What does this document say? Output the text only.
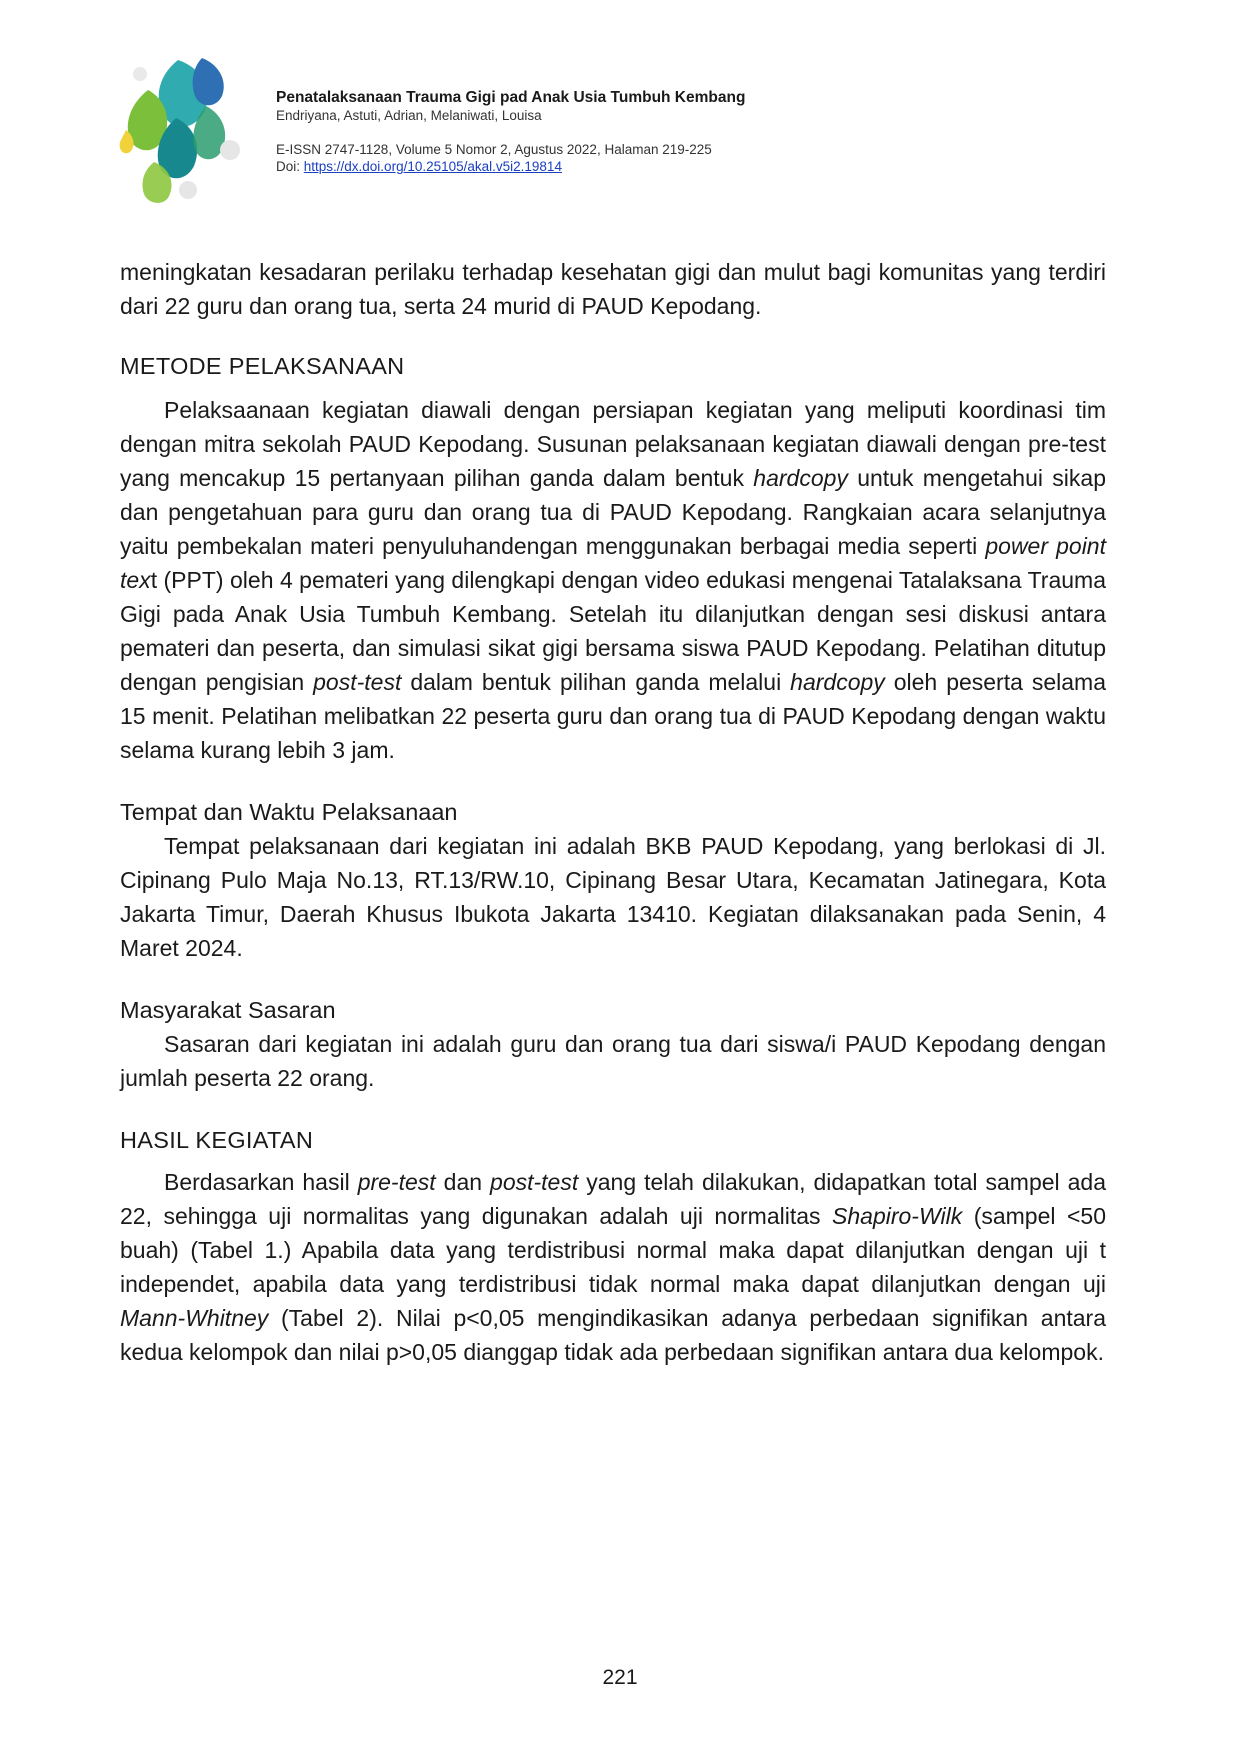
Penatalaksanaan Trauma Gigi pad Anak Usia Tumbuh Kembang
Endriyana, Astuti, Adrian, Melaniwati, Louisa
E-ISSN 2747-1128, Volume 5 Nomor 2, Agustus 2022, Halaman 219-225
Doi: https://dx.doi.org/10.25105/akal.v5i2.19814

meningkatan kesadaran perilaku terhadap kesehatan gigi dan mulut bagi komunitas yang terdiri dari 22 guru dan orang tua, serta 24 murid di PAUD Kepodang.

METODE PELAKSANAAN

Pelaksaanaan kegiatan diawali dengan persiapan kegiatan yang meliputi koordinasi tim dengan mitra sekolah PAUD Kepodang. Susunan pelaksanaan kegiatan diawali dengan pre-test yang mencakup 15 pertanyaan pilihan ganda dalam bentuk hardcopy untuk mengetahui sikap dan pengetahuan para guru dan orang tua di PAUD Kepodang. Rangkaian acara selanjutnya yaitu pembekalan materi penyuluhandengan menggunakan berbagai media seperti power point text (PPT) oleh 4 pemateri yang dilengkapi dengan video edukasi mengenai Tatalaksana Trauma Gigi pada Anak Usia Tumbuh Kembang. Setelah itu dilanjutkan dengan sesi diskusi antara pemateri dan peserta, dan simulasi sikat gigi bersama siswa PAUD Kepodang. Pelatihan ditutup dengan pengisian post-test dalam bentuk pilihan ganda melalui hardcopy oleh peserta selama 15 menit. Pelatihan melibatkan 22 peserta guru dan orang tua di PAUD Kepodang dengan waktu selama kurang lebih 3 jam.

Tempat dan Waktu Pelaksanaan

Tempat pelaksanaan dari kegiatan ini adalah BKB PAUD Kepodang, yang berlokasi di Jl. Cipinang Pulo Maja No.13, RT.13/RW.10, Cipinang Besar Utara, Kecamatan Jatinegara, Kota Jakarta Timur, Daerah Khusus Ibukota Jakarta 13410. Kegiatan dilaksanakan pada Senin, 4 Maret 2024.

Masyarakat Sasaran

Sasaran dari kegiatan ini adalah guru dan orang tua dari siswa/i PAUD Kepodang dengan jumlah peserta 22 orang.

HASIL KEGIATAN

Berdasarkan hasil pre-test dan post-test yang telah dilakukan, didapatkan total sampel ada 22, sehingga uji normalitas yang digunakan adalah uji normalitas Shapiro-Wilk (sampel <50 buah) (Tabel 1.) Apabila data yang terdistribusi normal maka dapat dilanjutkan dengan uji t independet, apabila data yang terdistribusi tidak normal maka dapat dilanjutkan dengan uji Mann-Whitney (Tabel 2). Nilai p<0,05 mengindikasikan adanya perbedaan signifikan antara kedua kelompok dan nilai p>0,05 dianggap tidak ada perbedaan signifikan antara dua kelompok.

221
